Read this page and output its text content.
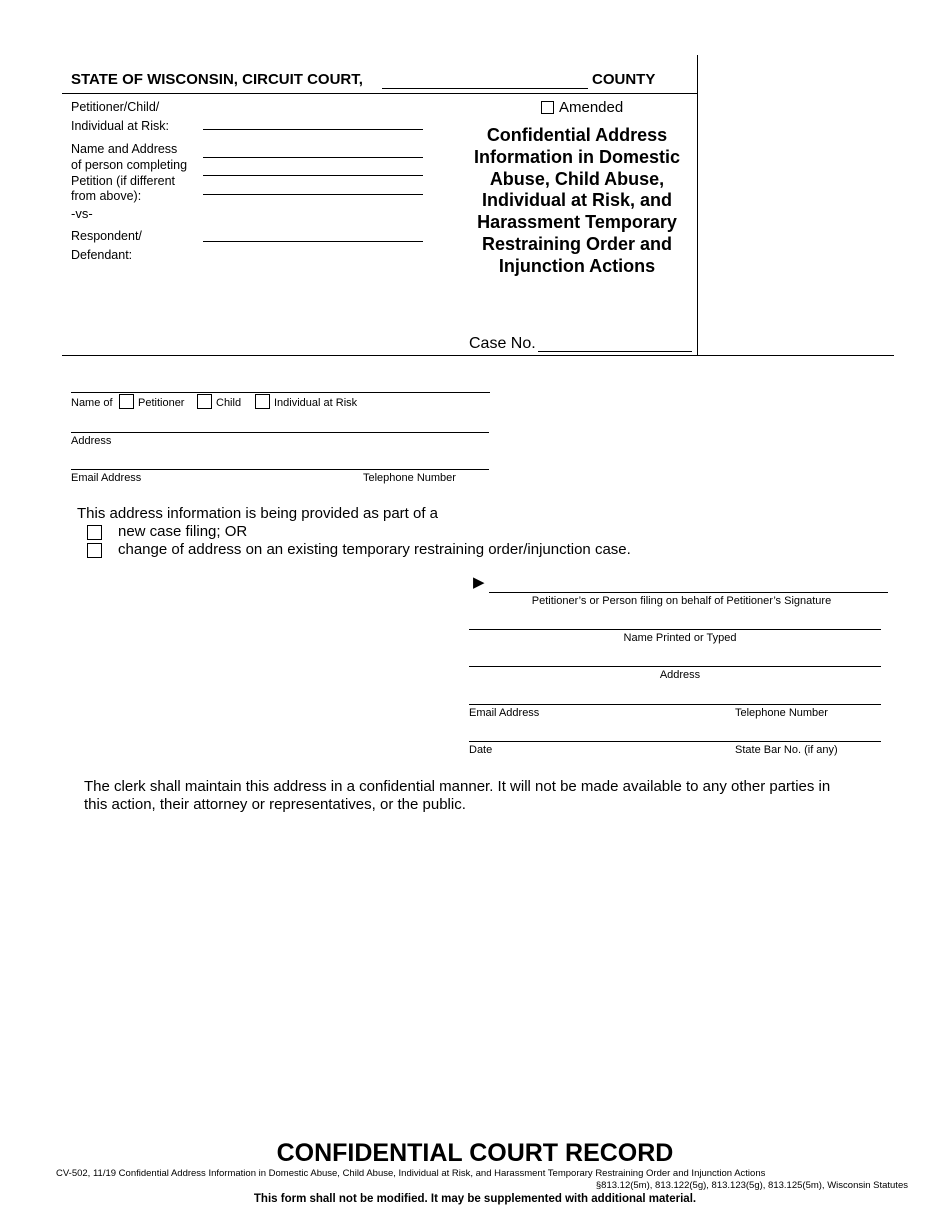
STATE OF WISCONSIN, CIRCUIT COURT,	COUNTY
Petitioner/Child/
Individual at Risk:
Name and Address
of person completing
Petition (if different
from above):
-vs-
Respondent/
Defendant:
Amended
Confidential Address Information in Domestic Abuse, Child Abuse, Individual at Risk, and Harassment Temporary Restraining Order and Injunction Actions
Case No.
Name of Petitioner	Child	Individual at Risk
Address
Email Address	Telephone Number
This address information is being provided as part of a
new case filing; OR
change of address on an existing temporary restraining order/injunction case.
▶
Petitioner’s or Person filing on behalf of Petitioner’s Signature
Name Printed or Typed
Address
Email Address	Telephone Number
Date	State Bar No. (if any)
The clerk shall maintain this address in a confidential manner. It will not be made available to any other parties in
this action, their attorney or representatives, or the public.
CONFIDENTIAL COURT RECORD
CV-502, 11/19 Confidential Address Information in Domestic Abuse, Child Abuse, Individual at Risk, and Harassment Temporary Restraining Order and Injunction Actions
§813.12(5m), 813.122(5g), 813.123(5g), 813.125(5m), Wisconsin Statutes
This form shall not be modified. It may be supplemented with additional material.
